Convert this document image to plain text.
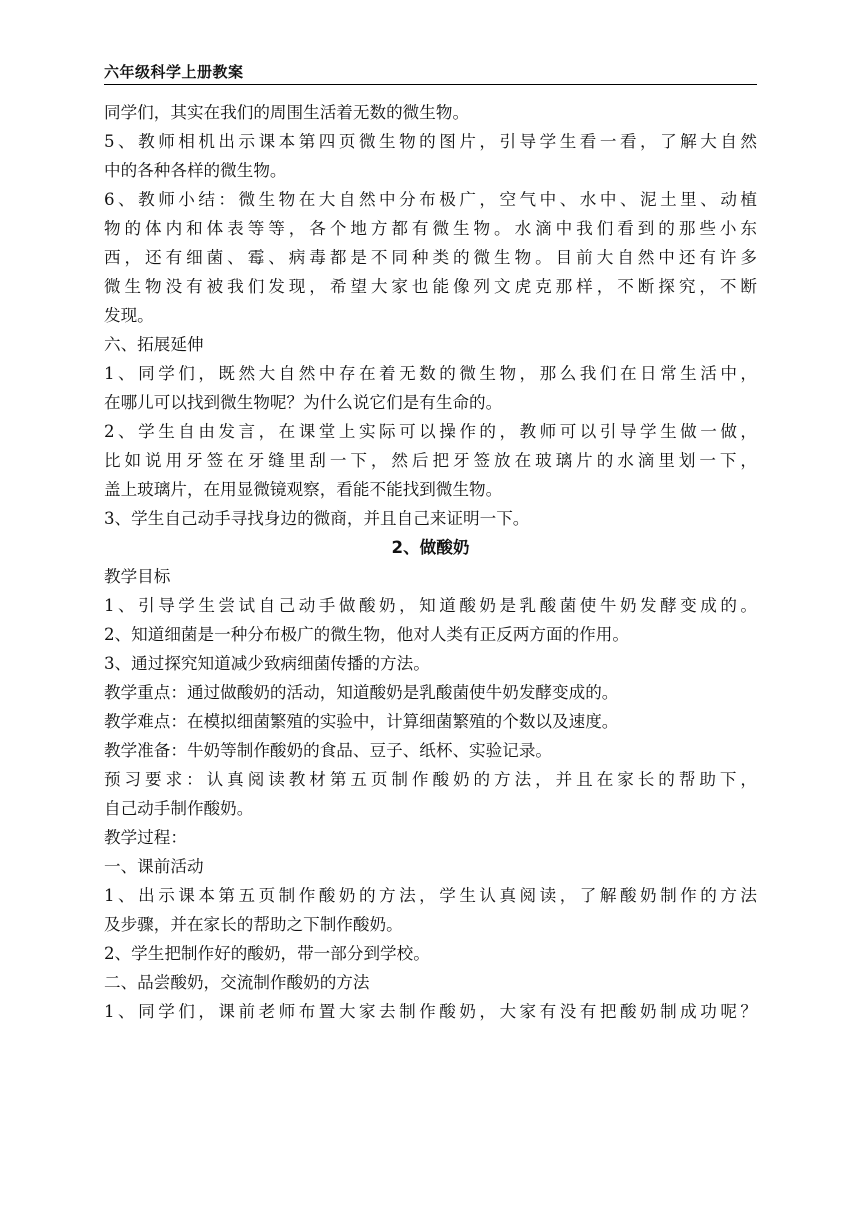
六年级科学上册教案
同学们，其实在我们的周围生活着无数的微生物。
5、教师相机出示课本第四页微生物的图片，引导学生看一看，了解大自然
中的各种各样的微生物。
6、教师小结：微生物在大自然中分布极广，空气中、水中、泥土里、动植
物的体内和体表等等，各个地方都有微生物。水滴中我们看到的那些小东
西，还有细菌、霉、病毒都是不同种类的微生物。目前大自然中还有许多
微生物没有被我们发现，希望大家也能像列文虎克那样，不断探究，不断
发现。
六、拓展延伸
1、同学们，既然大自然中存在着无数的微生物，那么我们在日常生活中，
在哪儿可以找到微生物呢？为什么说它们是有生命的。
2、学生自由发言，在课堂上实际可以操作的，教师可以引导学生做一做，
比如说用牙签在牙缝里刮一下，然后把牙签放在玻璃片的水滴里划一下，
盖上玻璃片，在用显微镜观察，看能不能找到微生物。
3、学生自己动手寻找身边的微商，并且自己来证明一下。
2、做酸奶
教学目标
1、引导学生尝试自己动手做酸奶，知道酸奶是乳酸菌使牛奶发酵变成的。
2、知道细菌是一种分布极广的微生物，他对人类有正反两方面的作用。
3、通过探究知道减少致病细菌传播的方法。
教学重点：通过做酸奶的活动，知道酸奶是乳酸菌使牛奶发酵变成的。
教学难点：在模拟细菌繁殖的实验中，计算细菌繁殖的个数以及速度。
教学准备：牛奶等制作酸奶的食品、豆子、纸杯、实验记录。
预习要求：认真阅读教材第五页制作酸奶的方法，并且在家长的帮助下，
自己动手制作酸奶。
教学过程：
一、课前活动
1、出示课本第五页制作酸奶的方法，学生认真阅读，了解酸奶制作的方法
及步骤，并在家长的帮助之下制作酸奶。
2、学生把制作好的酸奶，带一部分到学校。
二、品尝酸奶，交流制作酸奶的方法
1、同学们，课前老师布置大家去制作酸奶，大家有没有把酸奶制成功呢？
